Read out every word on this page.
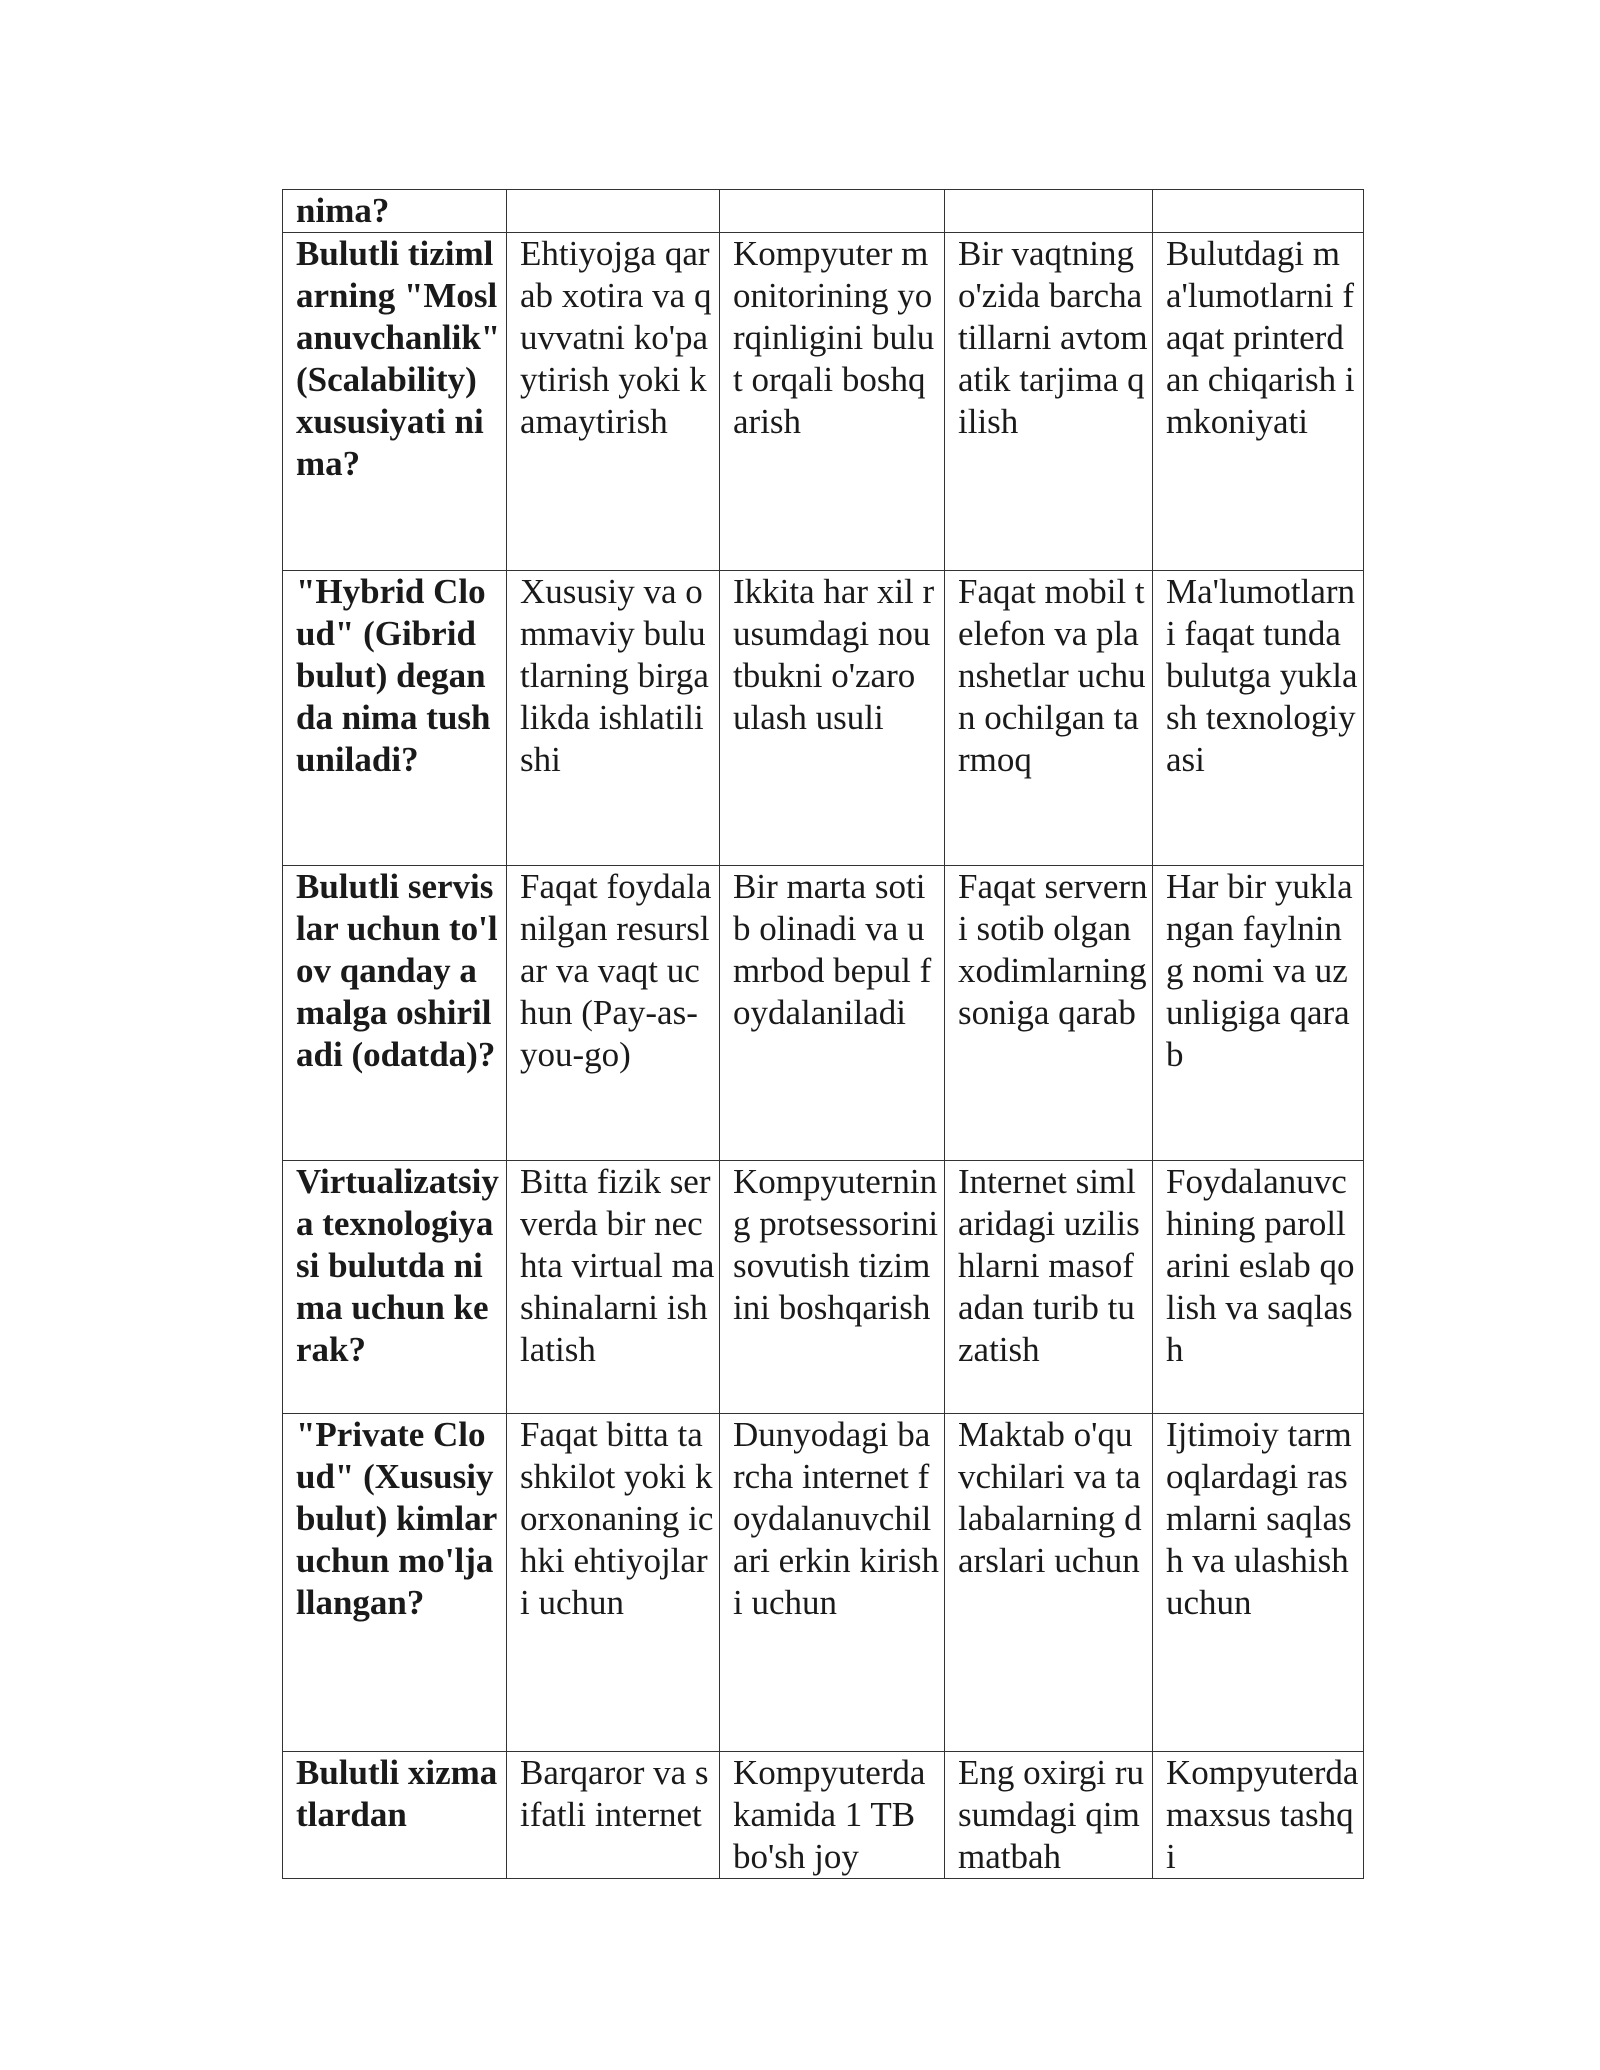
nima?				

Bulutli tizimlarning "Moslanuvchanlik" (Scalability) xususiyati nima?	Ehtiyojga qarab xotira va quvvatni ko'paytirish yoki kamaytirish	Kompyuter monitorining yorqinligini bulut orqali boshqarish	Bir vaqtning o'zida barcha tillarni avtomatik tarjima qilish	Bulutdagi ma'lumotlarni faqat printerdan chiqarish imkoniyati

"Hybrid Cloud" (Gibrid bulut) deganda nima tushuniladi?	Xususiy va ommaviy bulutlarning birgalikda ishlatilishi	Ikkita har xil rusumdagi noutbukni o'zaro ulash usuli	Faqat mobil telefon va planshetlar uchun ochilgan tarmoq	Ma'lumotlarni faqat tunda bulutga yuklash texnologiyasi

Bulutli servislar uchun to'lov qanday amalga oshiriladi (odatda)?	Faqat foydalanilgan resurslar va vaqt uchun (Pay-as-you-go)	Bir marta sotib olinadi va umrbod bepul foydalaniladi	Faqat serverni sotib olgan xodimlarning soniga qarab	Har bir yuklangan faylning nomi va uzunligiga qarab

Virtualizatsiya texnologiyasi bulutda nima uchun kerak?	Bitta fizik serverda bir nechta virtual mashinalarni ishlatish	Kompyuterning protsessorini sovutish tizimini boshqarish	Internet simlaridagi uzilishlarni masofadan turib tuzatish	Foydalanuvchining parollarini eslab qolish va saqlash

"Private Cloud" (Xususiy bulut) kimlar uchun mo'ljallangan?	Faqat bitta tashkilot yoki korxonaning ichki ehtiyojlari uchun	Dunyodagi barcha internet foydalanuvchilari erkin kirishi uchun	Maktab o'quvchilari va talabalarning darslari uchun	Ijtimoiy tarmoqlardagi rasmlarni saqlash va ulashish uchun

Bulutli xizmatlardan	Barqaror va sifatli internet	Kompyuterda kamida 1 TB bo'sh joy	Eng oxirgi rusumdagi qimmatbah	Kompyuterda maxsus tashqi
